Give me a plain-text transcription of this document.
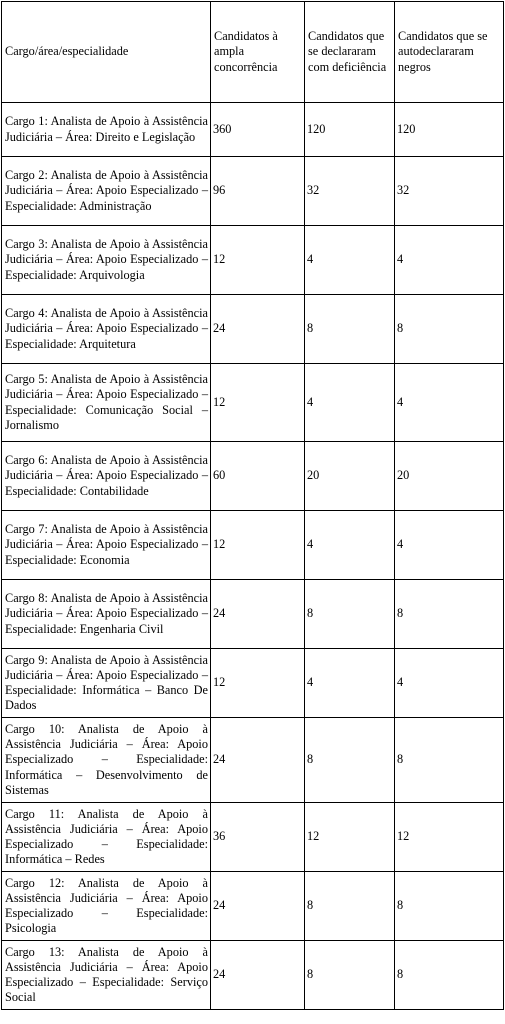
Cargo/área/especialidade	Candidatos à ampla concorrência	Candidatos que se declararam com deficiência	Candidatos que se autodeclararam negros
Cargo 1: Analista de Apoio à Assistência Judiciária – Área: Direito e Legislação	360	120	120
Cargo 2: Analista de Apoio à Assistência Judiciária – Área: Apoio Especializado – Especialidade: Administração	96	32	32
Cargo 3: Analista de Apoio à Assistência Judiciária – Área: Apoio Especializado – Especialidade: Arquivologia	12	4	4
Cargo 4: Analista de Apoio à Assistência Judiciária – Área: Apoio Especializado – Especialidade: Arquitetura	24	8	8
Cargo 5: Analista de Apoio à Assistência Judiciária – Área: Apoio Especializado – Especialidade: Comunicação Social – Jornalismo	12	4	4
Cargo 6: Analista de Apoio à Assistência Judiciária – Área: Apoio Especializado – Especialidade: Contabilidade	60	20	20
Cargo 7: Analista de Apoio à Assistência Judiciária – Área: Apoio Especializado – Especialidade: Economia	12	4	4
Cargo 8: Analista de Apoio à Assistência Judiciária – Área: Apoio Especializado – Especialidade: Engenharia Civil	24	8	8
Cargo 9: Analista de Apoio à Assistência Judiciária – Área: Apoio Especializado – Especialidade: Informática – Banco De Dados	12	4	4
Cargo 10: Analista de Apoio à Assistência Judiciária – Área: Apoio Especializado – Especialidade: Informática – Desenvolvimento de Sistemas	24	8	8
Cargo 11: Analista de Apoio à Assistência Judiciária – Área: Apoio Especializado – Especialidade: Informática – Redes	36	12	12
Cargo 12: Analista de Apoio à Assistência Judiciária – Área: Apoio Especializado – Especialidade: Psicologia	24	8	8
Cargo 13: Analista de Apoio à Assistência Judiciária – Área: Apoio Especializado – Especialidade: Serviço Social	24	8	8
